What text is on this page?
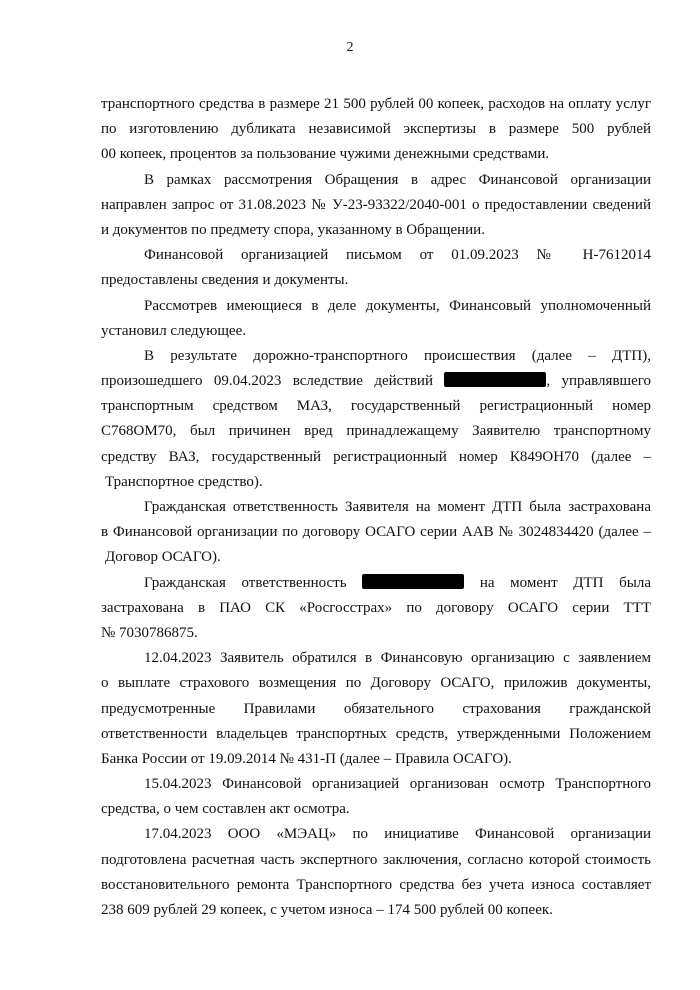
2
транспортного средства в размере 21 500 рублей 00 копеек, расходов на оплату услуг
по изготовлению дубликата независимой экспертизы в размере 500 рублей
00 копеек, процентов за пользование чужими денежными средствами.
В рамках рассмотрения Обращения в адрес Финансовой организации
направлен запрос от 31.08.2023 № У-23-93322/2040-001 о предоставлении сведений
и документов по предмету спора, указанному в Обращении.
Финансовой организацией письмом от 01.09.2023 № Н-7612014
предоставлены сведения и документы.
Рассмотрев имеющиеся в деле документы, Финансовый уполномоченный
установил следующее.
В результате дорожно-транспортного происшествия (далее – ДТП),
произошедшего 09.04.2023 вследствие действий	, управлявшего
транспортным средством МАЗ, государственный регистрационный номер
С768ОМ70, был причинен вред принадлежащему Заявителю транспортному
средству ВАЗ, государственный регистрационный номер К849ОН70 (далее –
Транспортное средство).
Гражданская ответственность Заявителя на момент ДТП была застрахована
в Финансовой организации по договору ОСАГО серии ААВ № 3024834420 (далее –
Договор ОСАГО).
Гражданская ответственность	на момент ДТП была
застрахована в ПАО СК «Росгосстрах» по договору ОСАГО серии ТТТ
№ 7030786875.
12.04.2023 Заявитель обратился в Финансовую организацию с заявлением
о выплате страхового возмещения по Договору ОСАГО, приложив документы,
предусмотренные Правилами обязательного страхования гражданской
ответственности владельцев транспортных средств, утвержденными Положением
Банка России от 19.09.2014 № 431-П (далее – Правила ОСАГО).
15.04.2023 Финансовой организацией организован осмотр Транспортного
средства, о чем составлен акт осмотра.
17.04.2023 ООО «МЭАЦ» по инициативе Финансовой организации
подготовлена расчетная часть экспертного заключения, согласно которой стоимость
восстановительного ремонта Транспортного средства без учета износа составляет
238 609 рублей 29 копеек, с учетом износа – 174 500 рублей 00 копеек.
